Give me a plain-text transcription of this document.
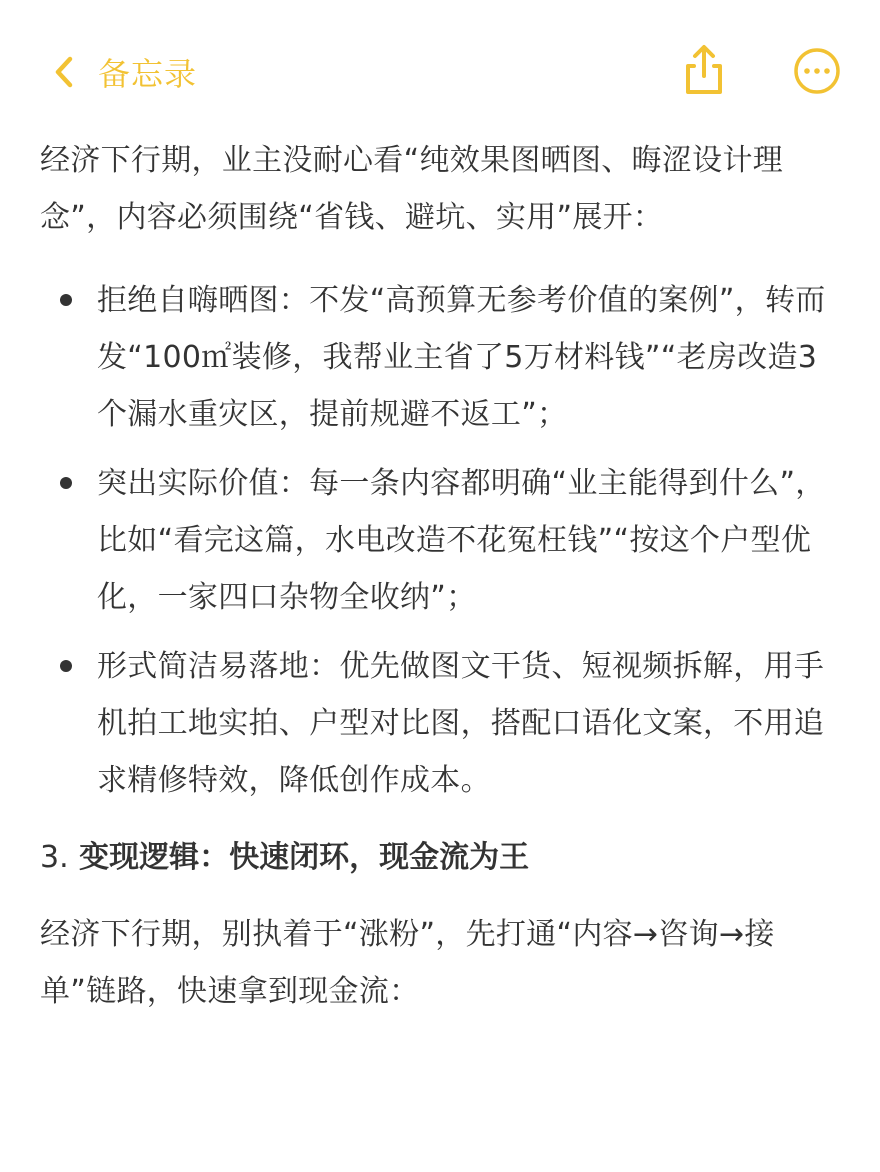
备忘录

经济下行期，业主没耐心看“纯效果图晒图、晦涩设计理念”，内容必须围绕“省钱、避坑、实用”展开：

拒绝自嗨晒图：不发“高预算无参考价值的案例”，转而发“100㎡装修，我帮业主省了5万材料钱”“老房改造3个漏水重灾区，提前规避不返工”；
突出实际价值：每一条内容都明确“业主能得到什么”，比如“看完这篇，水电改造不花冤枉钱”“按这个户型优化，一家四口杂物全收纳”；
形式简洁易落地：优先做图文干货、短视频拆解，用手机拍工地实拍、户型对比图，搭配口语化文案，不用追求精修特效，降低创作成本。

3. 变现逻辑：快速闭环，现金流为王

经济下行期，别执着于“涨粉”，先打通“内容→咨询→接单”链路，快速拿到现金流：
